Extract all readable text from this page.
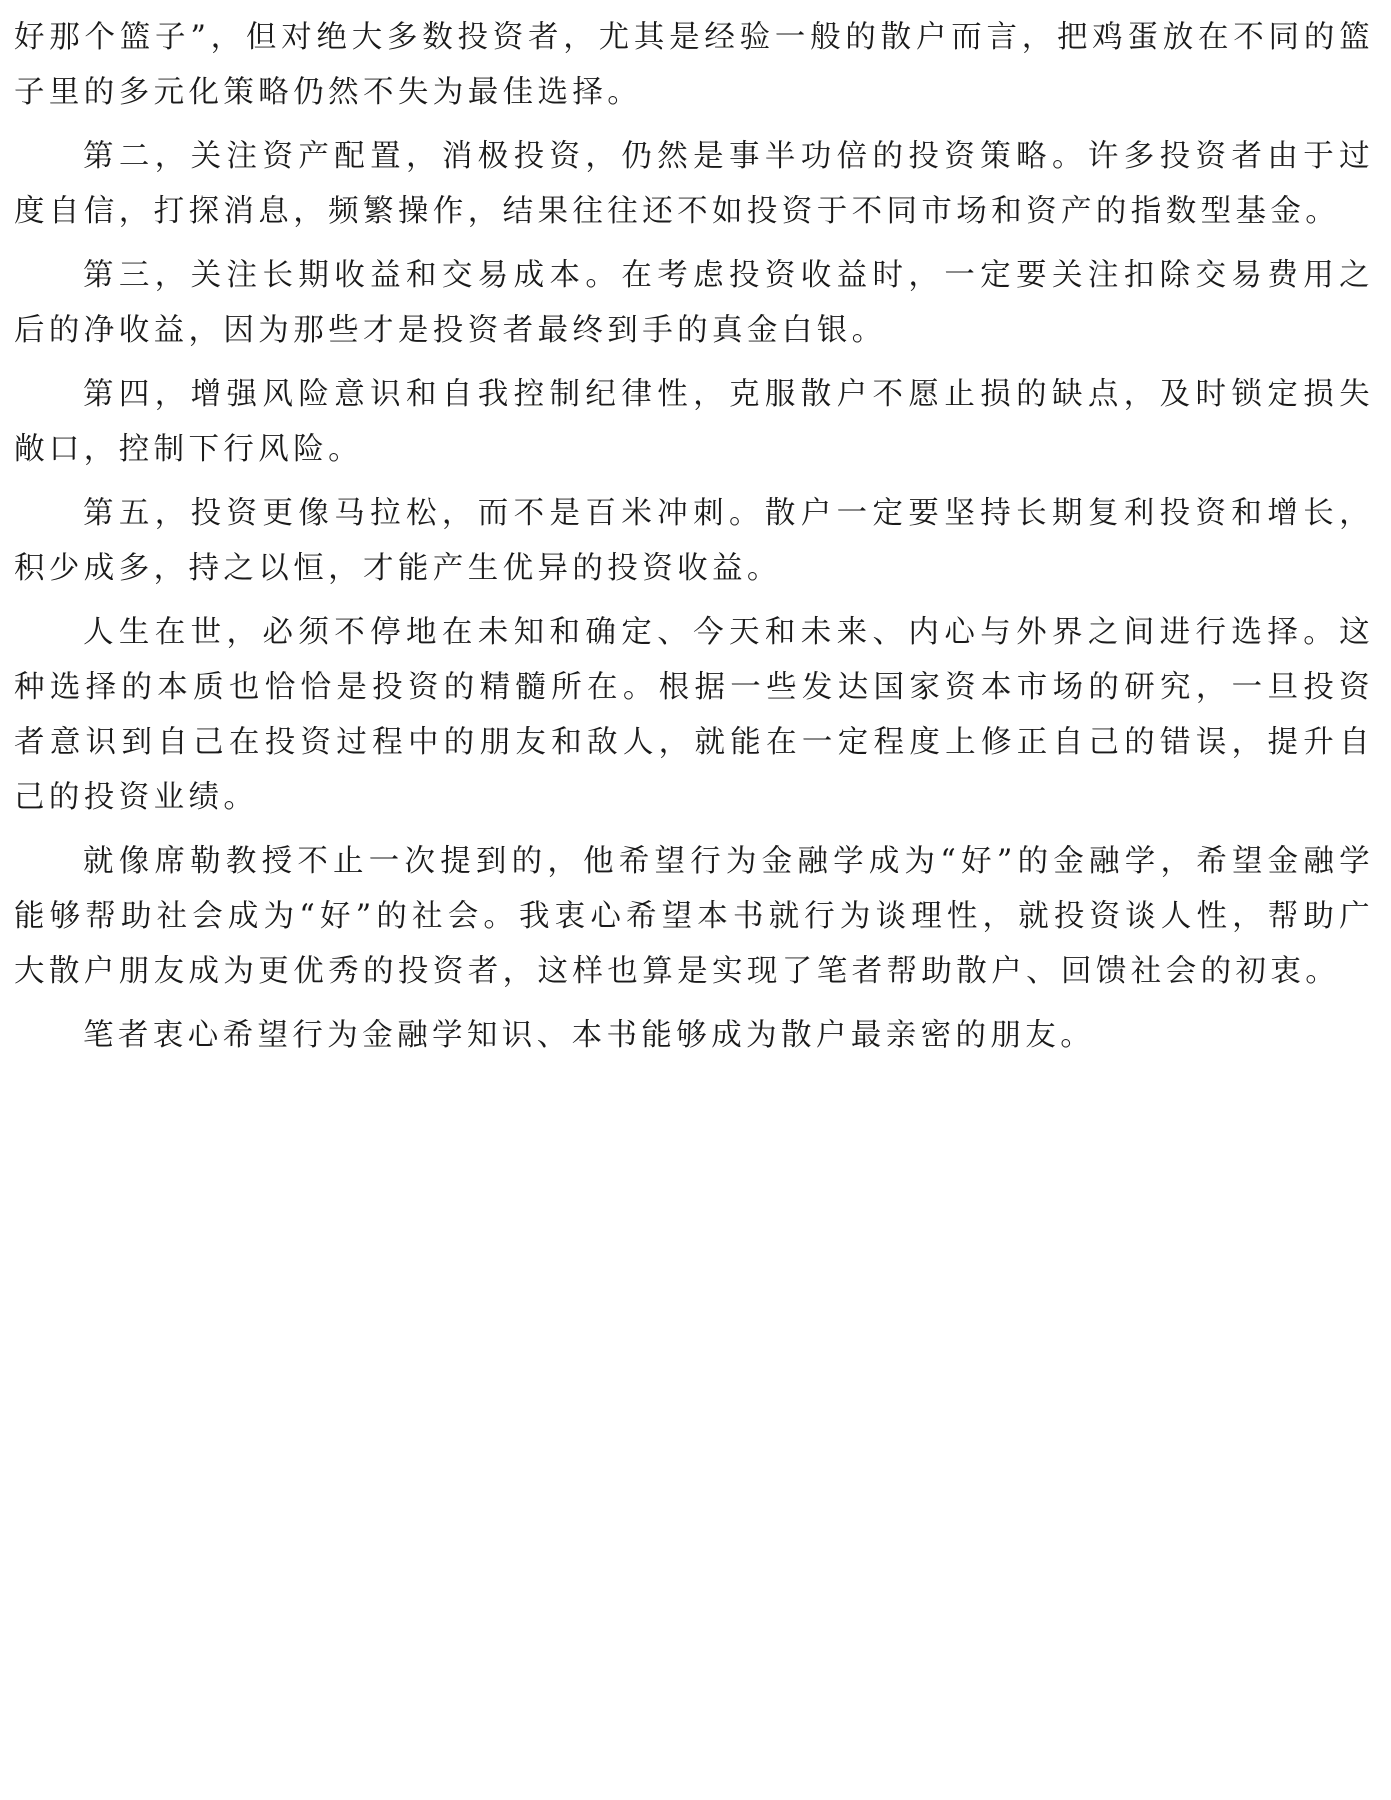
好那个篮子”，但对绝大多数投资者，尤其是经验一般的散户而言，把鸡蛋放在不同的篮子里的多元化策略仍然不失为最佳选择。

第二，关注资产配置，消极投资，仍然是事半功倍的投资策略。许多投资者由于过度自信，打探消息，频繁操作，结果往往还不如投资于不同市场和资产的指数型基金。

第三，关注长期收益和交易成本。在考虑投资收益时，一定要关注扣除交易费用之后的净收益，因为那些才是投资者最终到手的真金白银。

第四，增强风险意识和自我控制纪律性，克服散户不愿止损的缺点，及时锁定损失敞口，控制下行风险。

第五，投资更像马拉松，而不是百米冲刺。散户一定要坚持长期复利投资和增长，积少成多，持之以恒，才能产生优异的投资收益。

人生在世，必须不停地在未知和确定、今天和未来、内心与外界之间进行选择。这种选择的本质也恰恰是投资的精髓所在。根据一些发达国家资本市场的研究，一旦投资者意识到自己在投资过程中的朋友和敌人，就能在一定程度上修正自己的错误，提升自己的投资业绩。

就像席勒教授不止一次提到的，他希望行为金融学成为“好”的金融学，希望金融学能够帮助社会成为“好”的社会。我衷心希望本书就行为谈理性，就投资谈人性，帮助广大散户朋友成为更优秀的投资者，这样也算是实现了笔者帮助散户、回馈社会的初衷。

笔者衷心希望行为金融学知识、本书能够成为散户最亲密的朋友。
